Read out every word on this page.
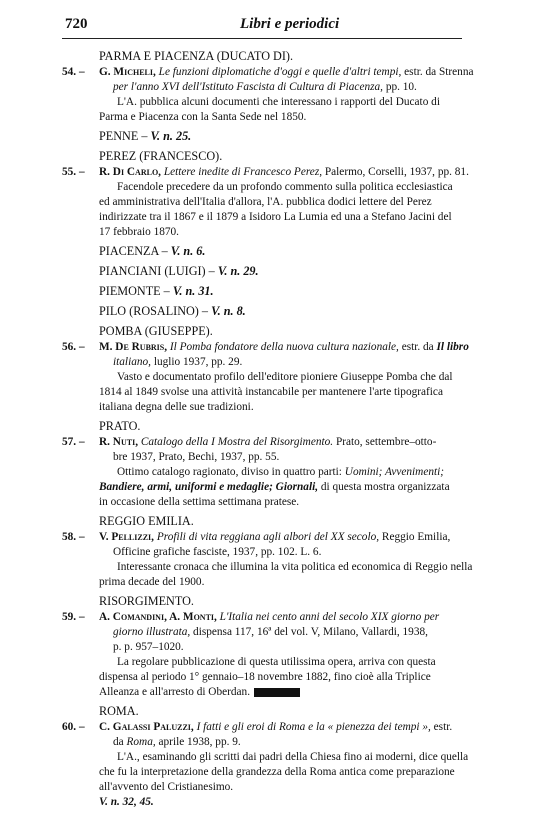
720	Libri e periodici
PARMA E PIACENZA (DUCATO DI).
54. – G. Micheli, Le funzioni diplomatiche d'oggi e quelle d'altri tempi, estr. da Strenna
per l'anno XVI dell'Istituto Fascista di Cultura di Piacenza, pp. 10.
L'A. pubblica alcuni documenti che interessano i rapporti del Ducato di
Parma e Piacenza con la Santa Sede nel 1850.
PENNE – V. n. 25.
PEREZ (FRANCESCO).
55. – R. Di Carlo, Lettere inedite di Francesco Perez, Palermo, Corselli, 1937, pp. 81.
Facendole precedere da un profondo commento sulla politica ecclesiastica
ed amministrativa dell'Italia d'allora, l'A. pubblica dodici lettere del Perez
indirizzate tra il 1867 e il 1879 a Isidoro La Lumia ed una a Stefano Jacini del
17 febbraio 1870.
PIACENZA – V. n. 6.
PIANCIANI (LUIGI) – V. n. 29.
PIEMONTE – V. n. 31.
PILO (ROSALINO) – V. n. 8.
POMBA (GIUSEPPE).
56. – M. De Rubris, Il Pomba fondatore della nuova cultura nazionale, estr. da Il libro
italiano, luglio 1937, pp. 29.
Vasto e documentato profilo dell'editore pioniere Giuseppe Pomba che dal
1814 al 1849 svolse una attività instancabile per mantenere l'arte tipografica
italiana degna delle sue tradizioni.
PRATO.
57. – R. Nuti, Catalogo della I Mostra del Risorgimento. Prato, settembre–otto-
bre 1937, Prato, Bechi, 1937, pp. 55.
Ottimo catalogo ragionato, diviso in quattro parti: Uomini; Avvenimenti;
Bandiere, armi, uniformi e medaglie; Giornali, di questa mostra organizzata
in occasione della settima settimana pratese.
REGGIO EMILIA.
58. – V. Pellizzi, Profili di vita reggiana agli albori del XX secolo, Reggio Emilia,
Officine grafiche fasciste, 1937, pp. 102. L. 6.
Interessante cronaca che illumina la vita politica ed economica di Reggio nella
prima decade del 1900.
RISORGIMENTO.
59. – A. Comandini, A. Monti, L'Italia nei cento anni del secolo XIX giorno per
giorno illustrata, dispensa 117, 16ª del vol. V, Milano, Vallardi, 1938,
p. p. 957–1020.
La regolare pubblicazione di questa utilissima opera, arriva con questa
dispensa al periodo 1° gennaio–18 novembre 1882, fino cioè alla Triplice
Alleanza e all'arresto di Oberdan.
ROMA.
60. – C. Galassi Paluzzi, I fatti e gli eroi di Roma e la « pienezza dei tempi », estr.
da Roma, aprile 1938, pp. 9.
L'A., esaminando gli scritti dai padri della Chiesa fino ai moderni, dice quella
che fu la interpretazione della grandezza della Roma antica come preparazione
all'avvento del Cristianesimo.
V. n. 32, 45.
